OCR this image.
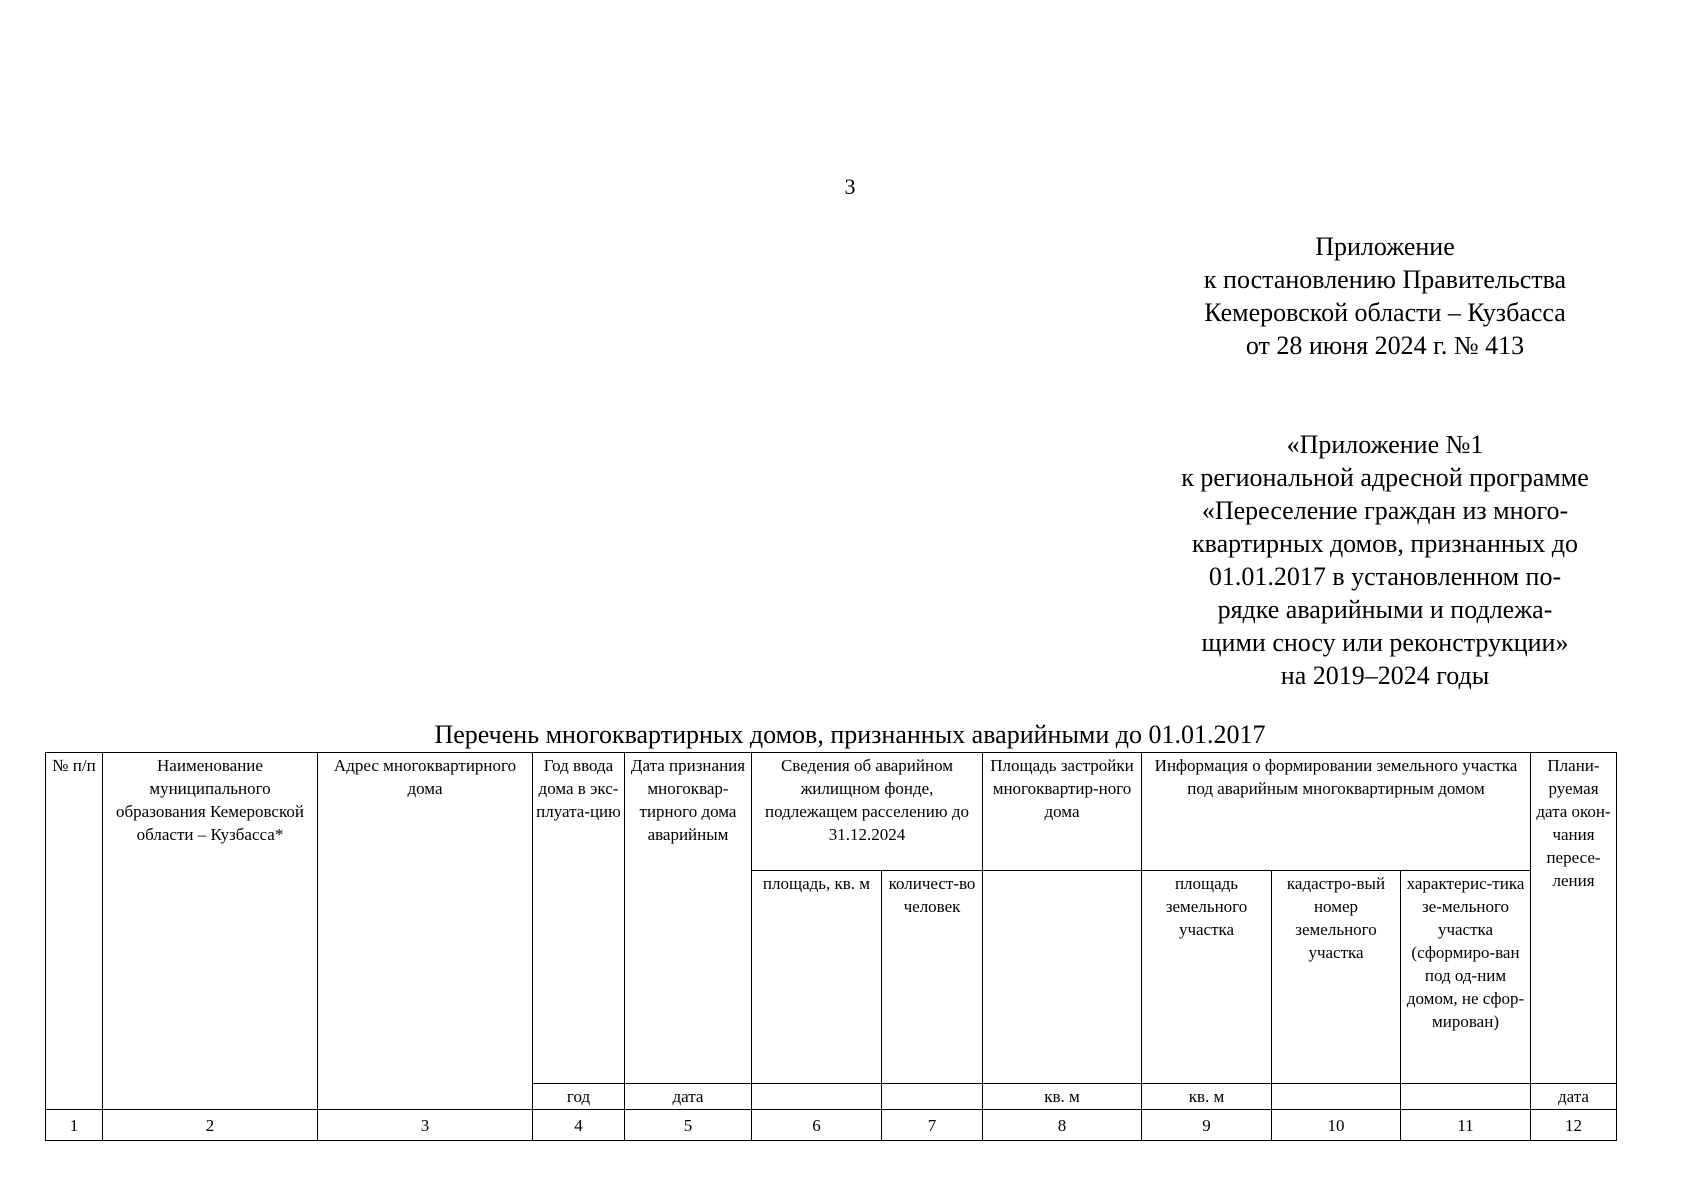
3
Приложение
к постановлению Правительства
Кемеровской области – Кузбасса
от 28 июня 2024 г. № 413
«Приложение №1
к региональной адресной программе
«Переселение граждан из много-
квартирных домов, признанных до
01.01.2017 в установленном по-
рядке аварийными и подлежа-
щими сносу или реконструкции»
на 2019–2024 годы
Перечень многоквартирных домов, признанных аварийными до 01.01.2017
№ п/п	Наименование муниципального образования Кемеровской области – Кузбасса*	Адрес многоквартирного дома	Год ввода дома в экс-плуата-цию	Дата признания многоквар-тирного дома аварийным	Сведения об аварийном жилищном фонде, подлежащем расселению до 31.12.2024		Площадь застройки многоквартир-ного дома	Информация о формировании земельного участка под аварийным многоквартирным домом			Плани-руемая дата окон-чания пересе-ления
					площадь, кв. м	количест-во человек		площадь земельного участка	кадастро-вый номер земельного участка	характерис-тика зе-мельного участка (сформиро-ван под од-ним домом, не сфор-мирован)	
			год	дата			кв. м	кв. м			дата
1	2	3	4	5	6	7	8	9	10	11	12
